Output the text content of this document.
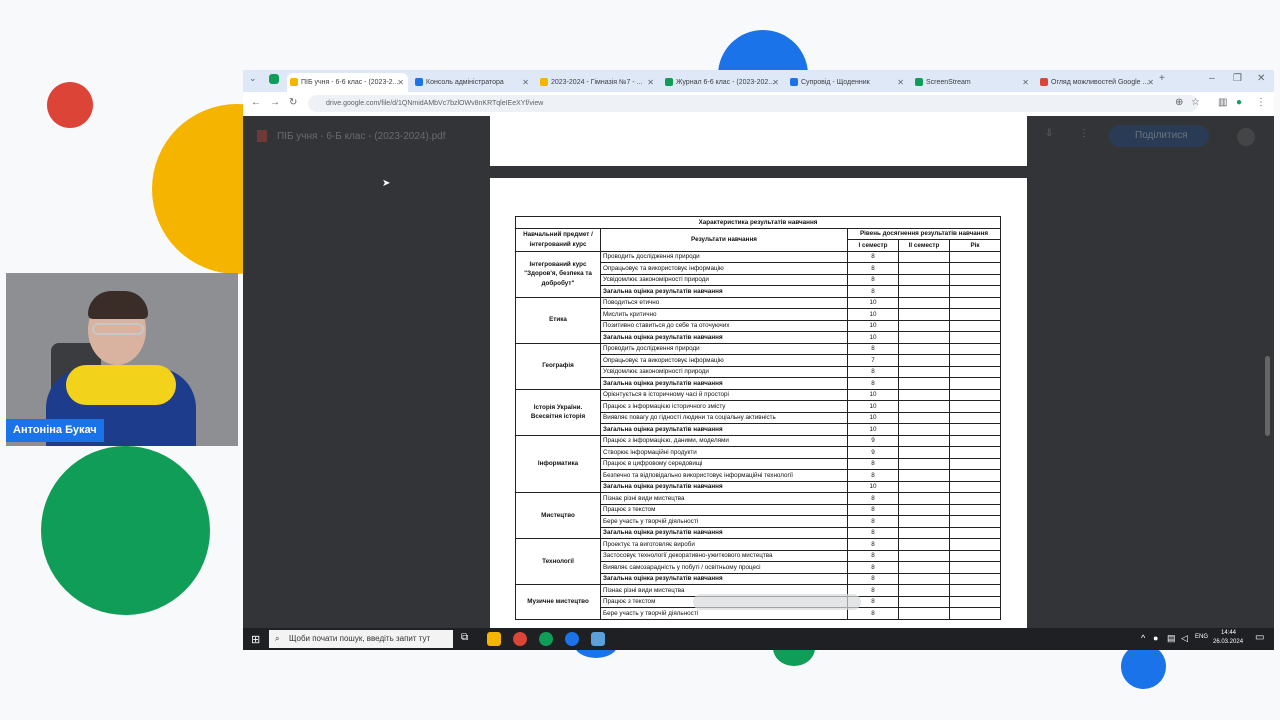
⌄	ПІБ учня - 6-6 клас - (2023-2...
✕	Консоль адміністратора ✕	2023-2024 - Гімназія №7 - ... ✕	Журнал 6-6 клас - (2023-202...
✕	Супровід - Щоденник	✕	ScreenStream	✕	Огляд можливостей Google ...
✕ +	– ❐ ✕
← → ↻	drive.google.com/file/d/1QNmidAMbVc7bzlOWv8nKRTqleIEeXYf/view	⊕ ☆ ▥ ● ⋮
ПІБ учня - 6-Б клас - (2023-2024).pdf	⇩	⋮	Поділитися
Характеристика результатів навчання				
Навчальний предмет / інтегрований курс	Результати навчання	Рівень досягнення результатів навчання		
		І семестр	ІІ семестр	Рік
Інтегрований курс "Здоров'я, безпека та добробут"	Проводить дослідження природи	8		
	Опрацьовує та використовує інформацію	8		
	Усвідомлює закономірності природи	8		
	Загальна оцінка результатів навчання	8		
Етика	Поводиться етично	10		
	Мислить критично	10		
	Позитивно ставиться до себе та оточуючих	10		
	Загальна оцінка результатів навчання	10		
Географія	Проводить дослідження природи	8		
	Опрацьовує та використовує інформацію	7		
	Усвідомлює закономірності природи	8		
	Загальна оцінка результатів навчання	8		
Історія України. Всесвітня історія	Орієнтується в історичному часі й просторі	10		
	Працює з інформацією історичного змісту	10		
	Виявляє повагу до гідності людини та соціальну активність	10		
	Загальна оцінка результатів навчання	10		
Інформатика	Працює з інформацією, даними, моделями	9		
	Створює інформаційні продукти	9		
	Працює в цифровому середовищі	8		
	Безпечно та відповідально використовує інформаційні технології	8		
	Загальна оцінка результатів навчання	10		
Мистецтво	Пізнає різні види мистецтва	8		
	Працює з текстом	8		
	Бере участь у творчій діяльності	8		
	Загальна оцінка результатів навчання	8		
Технології	Проектує та виготовляє вироби	8		
	Застосовує технології декоративно-ужиткового мистецтва	8		
	Виявляє самозарадність у побуті / освітньому процесі	8		
	Загальна оцінка результатів навчання	8		
Музичне мистецтво	Пізнає різні види мистецтва	8		
	Працює з текстом	8		
	Бере участь у творчій діяльності	8		
➤
⊞ ⌕ Щоби почати пошук, введіть запит тут	⧉	^ ● ▤ ◁ ENG
14:44
26.03.2024 ▭
Антоніна Букач
